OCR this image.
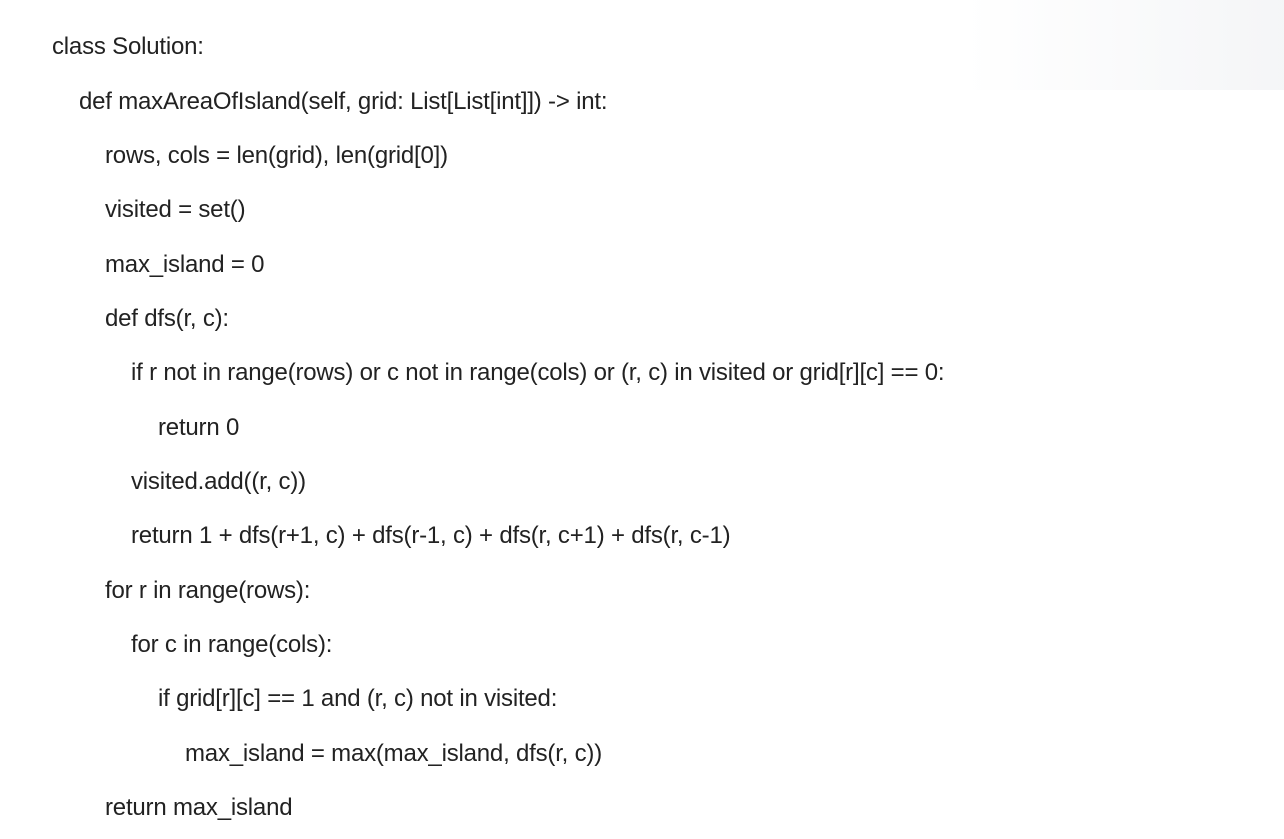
class Solution:
def maxAreaOfIsland(self, grid: List[List[int]]) -> int:
rows, cols = len(grid), len(grid[0])
visited = set()
max_island = 0
def dfs(r, c):
if r not in range(rows) or c not in range(cols) or (r, c) in visited or grid[r][c] == 0:
return 0
visited.add((r, c))
return 1 + dfs(r+1, c) + dfs(r-1, c) + dfs(r, c+1) + dfs(r, c-1)
for r in range(rows):
for c in range(cols):
if grid[r][c] == 1 and (r, c) not in visited:
max_island = max(max_island, dfs(r, c))
return max_island
